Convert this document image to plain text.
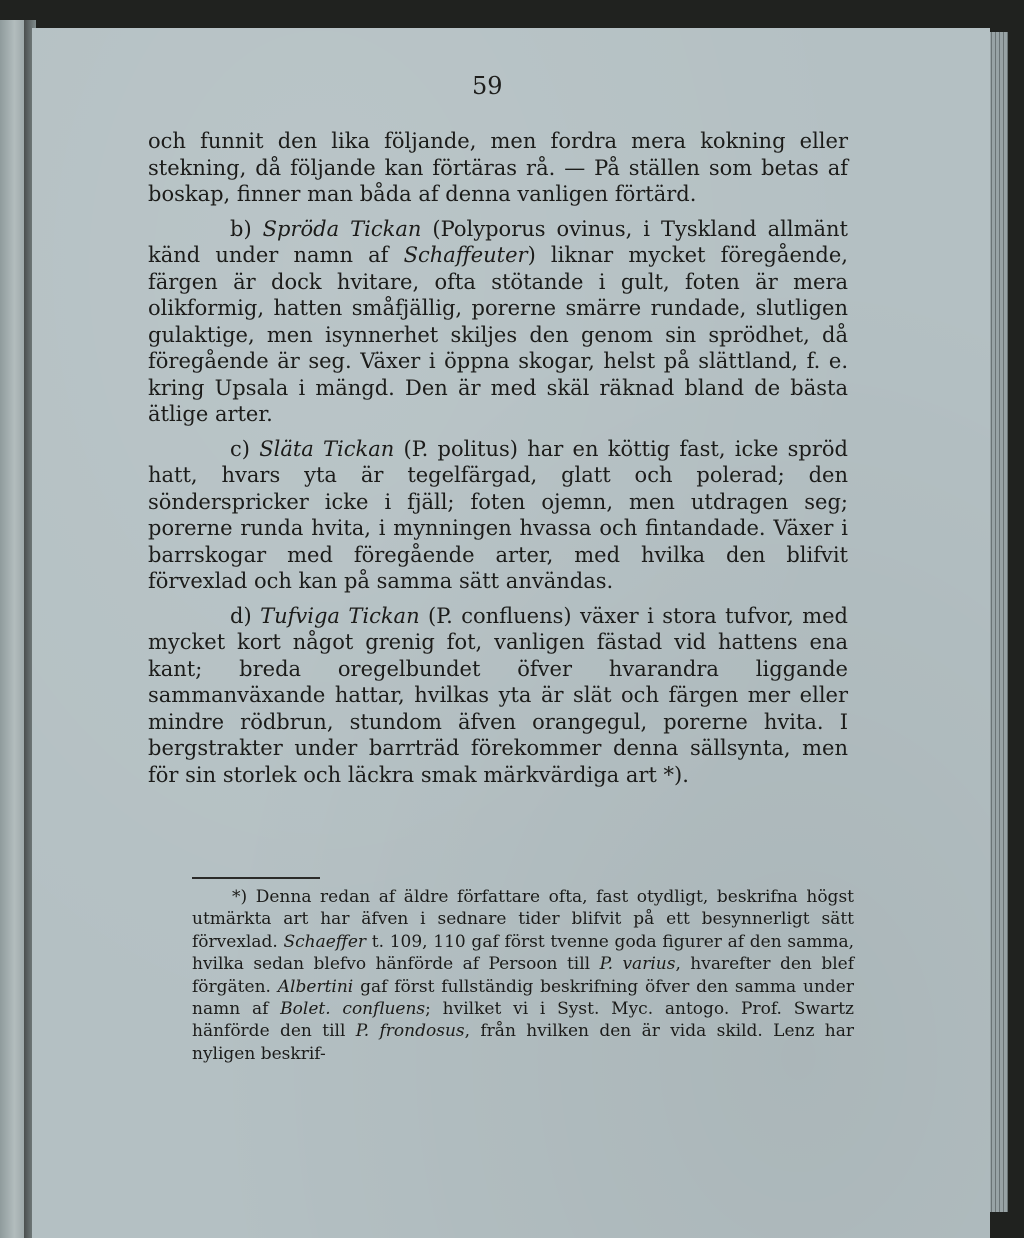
59

och funnit den lika följande, men fordra mera kokning eller stekning, då följande kan förtäras rå. — På ställen som betas af boskap, finner man båda af denna vanligen förtärd.

b) Spröda Tickan (Polyporus ovinus, i Tyskland allmänt känd under namn af Schaffeuter) liknar mycket föregående, färgen är dock hvitare, ofta stötande i gult, foten är mera olikformig, hatten småfjällig, porerne smärre rundade, slutligen gulaktige, men isynnerhet skiljes den genom sin sprödhet, då föregående är seg. Växer i öppna skogar, helst på slättland, f. e. kring Upsala i mängd. Den är med skäl räknad bland de bästa ätlige arter.

c) Släta Tickan (P. politus) har en köttig fast, icke spröd hatt, hvars yta är tegelfärgad, glatt och polerad; den sönderspricker icke i fjäll; foten ojemn, men utdragen seg; porerne runda hvita, i mynningen hvassa och fintandade. Växer i barrskogar med föregående arter, med hvilka den blifvit förvexlad och kan på samma sätt användas.

d) Tufviga Tickan (P. confluens) växer i stora tufvor, med mycket kort något grenig fot, vanligen fästad vid hattens ena kant; breda oregelbundet öfver hvarandra liggande sammanväxande hattar, hvilkas yta är slät och färgen mer eller mindre rödbrun, stundom äfven orangegul, porerne hvita. I bergstrakter under barrträd förekommer denna sällsynta, men för sin storlek och läckra smak märkvärdiga art *).

*) Denna redan af äldre författare ofta, fast otydligt, beskrifna högst utmärkta art har äfven i sednare tider blifvit på ett besynnerligt sätt förvexlad. Schaeffer t. 109, 110 gaf först tvenne goda figurer af den samma, hvilka sedan blefvo hänförde af Persoon till P. varius, hvarefter den blef förgäten. Albertini gaf först fullständig beskrifning öfver den samma under namn af Bolet. confluens; hvilket vi i Syst. Myc. antogo. Prof. Swartz hänförde den till P. frondosus, från hvilken den är vida skild. Lenz har nyligen beskrif-
